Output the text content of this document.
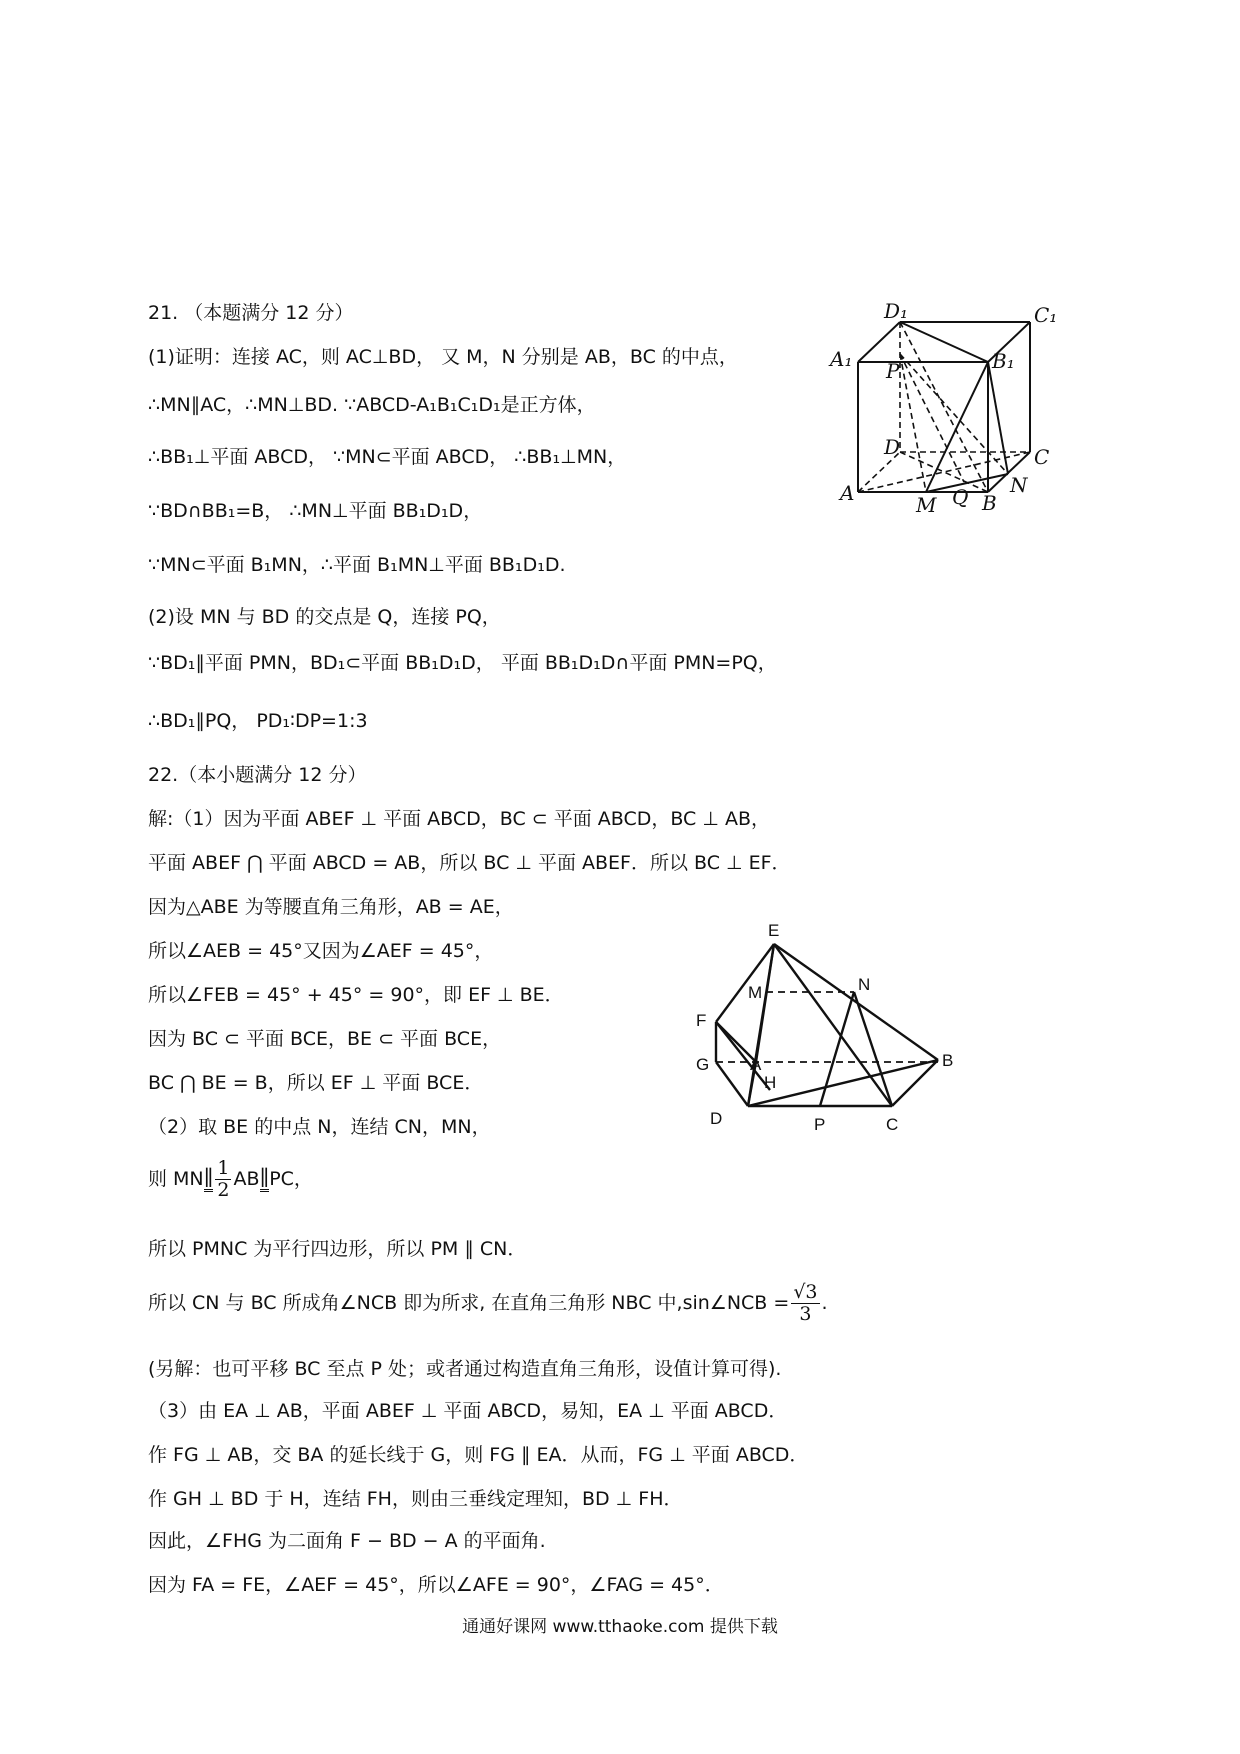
21. （本题满分 12 分）
(1)证明：连接 AC，则 AC⊥BD， 又 M，N 分别是 AB，BC 的中点，
∴MN∥AC，∴MN⊥BD. ∵ABCD-A₁B₁C₁D₁是正方体，
∴BB₁⊥平面 ABCD， ∵MN⊂平面 ABCD， ∴BB₁⊥MN，
∵BD∩BB₁=B， ∴MN⊥平面 BB₁D₁D，
∵MN⊂平面 B₁MN，∴平面 B₁MN⊥平面 BB₁D₁D.
(2)设 MN 与 BD 的交点是 Q，连接 PQ，
∵BD₁∥平面 PMN，BD₁⊂平面 BB₁D₁D， 平面 BB₁D₁D∩平面 PMN=PQ，
∴BD₁∥PQ， PD₁∶DP=1:3
22.（本小题满分 12 分）
解:（1）因为平面 ABEF ⊥ 平面 ABCD，BC ⊂ 平面 ABCD，BC ⊥ AB，
平面 ABEF ⋂ 平面 ABCD = AB，所以 BC ⊥ 平面 ABEF．所以 BC ⊥ EF．
因为△ABE 为等腰直角三角形，AB = AE，
所以∠AEB = 45°又因为∠AEF = 45°，
所以∠FEB = 45° + 45° = 90°，即 EF ⊥ BE．
因为 BC ⊂ 平面 BCE，BE ⊂ 平面 BCE，
BC ⋂ BE = B，所以 EF ⊥ 平面 BCE．
（2）取 BE 的中点 N，连结 CN，MN，
则 MN∥ $\frac{1}{2}$ AB∥PC，
所以 PMNC 为平行四边形，所以 PM ∥ CN．
所以 CN 与 BC 所成角∠NCB 即为所求, 在直角三角形 NBC 中,sin∠NCB = $\frac{√3}{3}$ .
(另解：也可平移 BC 至点 P 处；或者通过构造直角三角形，设值计算可得).
（3）由 EA ⊥ AB，平面 ABEF ⊥ 平面 ABCD，易知，EA ⊥ 平面 ABCD．
作 FG ⊥ AB，交 BA 的延长线于 G，则 FG ∥ EA．从而，FG ⊥ 平面 ABCD．
作 GH ⊥ BD 于 H，连结 FH，则由三垂线定理知，BD ⊥ FH．
因此，∠FHG 为二面角 F − BD − A 的平面角.
因为 FA = FE，∠AEF = 45°，所以∠AFE = 90°，∠FAG = 45°．
D₁	C₁
A₁	B₁
P
D	C
A	M Q B
N
E
F
M	N
G A	B
H
D	P	C
通通好课网 www.tthaoke.com 提供下载
